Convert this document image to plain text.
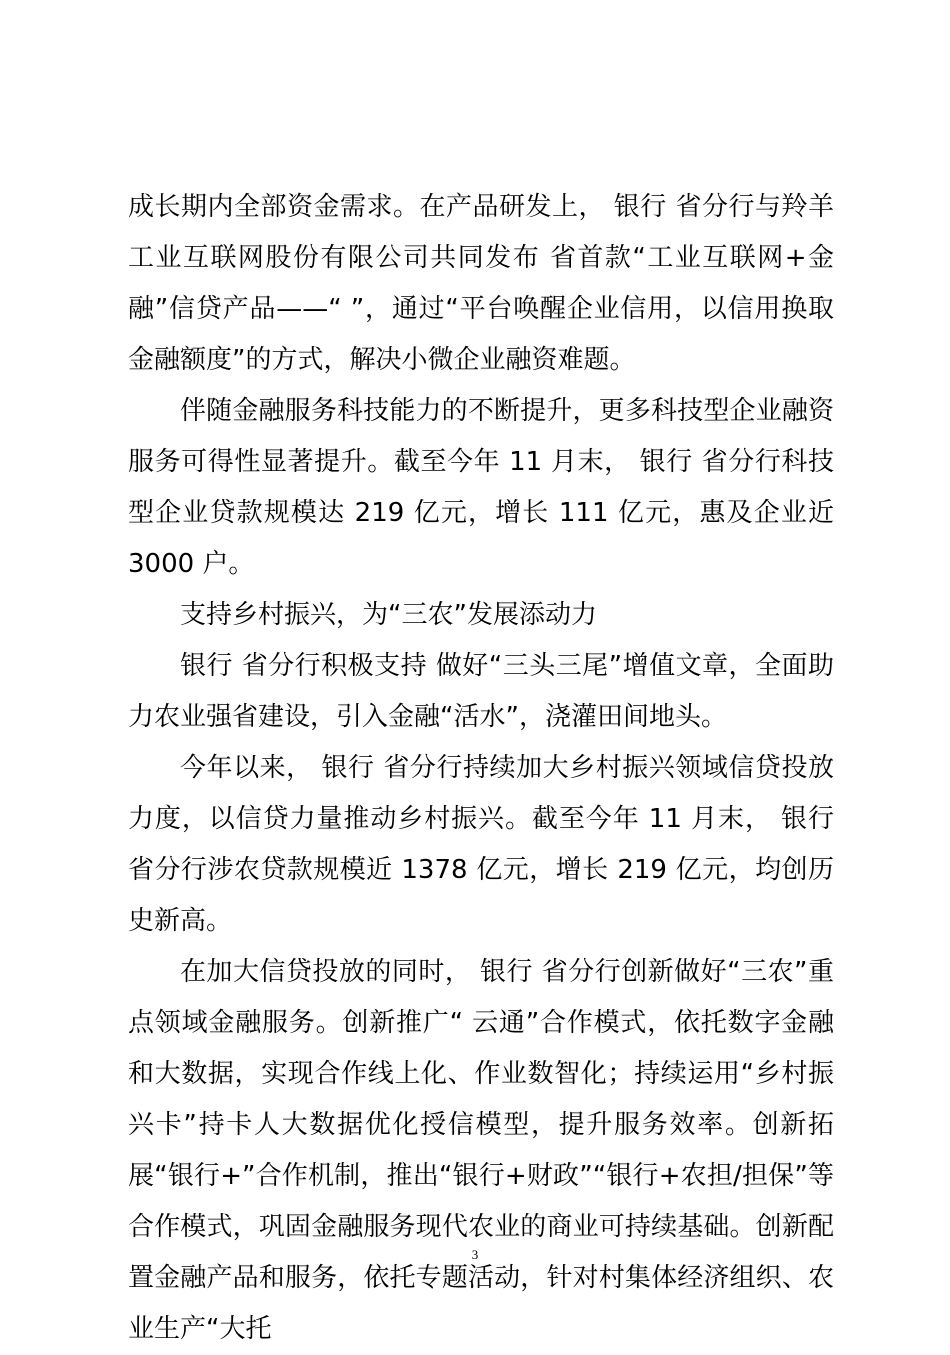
成长期内全部资金需求。在产品研发上， 银行 省分行与羚羊工业互联网股份有限公司共同发布 省首款“工业互联网+金融”信贷产品——“ ”，通过“平台唤醒企业信用，以信用换取金融额度”的方式，解决小微企业融资难题。

伴随金融服务科技能力的不断提升，更多科技型企业融资服务可得性显著提升。截至今年 11 月末， 银行 省分行科技型企业贷款规模达 219 亿元，增长 111 亿元，惠及企业近 3000 户。

支持乡村振兴，为“三农”发展添动力

银行 省分行积极支持 做好“三头三尾”增值文章，全面助力农业强省建设，引入金融“活水”，浇灌田间地头。

今年以来， 银行 省分行持续加大乡村振兴领域信贷投放力度，以信贷力量推动乡村振兴。截至今年 11 月末， 银行 省分行涉农贷款规模近 1378 亿元，增长 219 亿元，均创历史新高。

在加大信贷投放的同时， 银行 省分行创新做好“三农”重点领域金融服务。创新推广“ 云通”合作模式，依托数字金融和大数据，实现合作线上化、作业数智化；持续运用“乡村振兴卡”持卡人大数据优化授信模型，提升服务效率。创新拓展“银行+”合作机制，推出“银行+财政”“银行+农担/担保”等合作模式，巩固金融服务现代农业的商业可持续基础。创新配置金融产品和服务，依托专题活动，针对村集体经济组织、农业生产“大托

3
